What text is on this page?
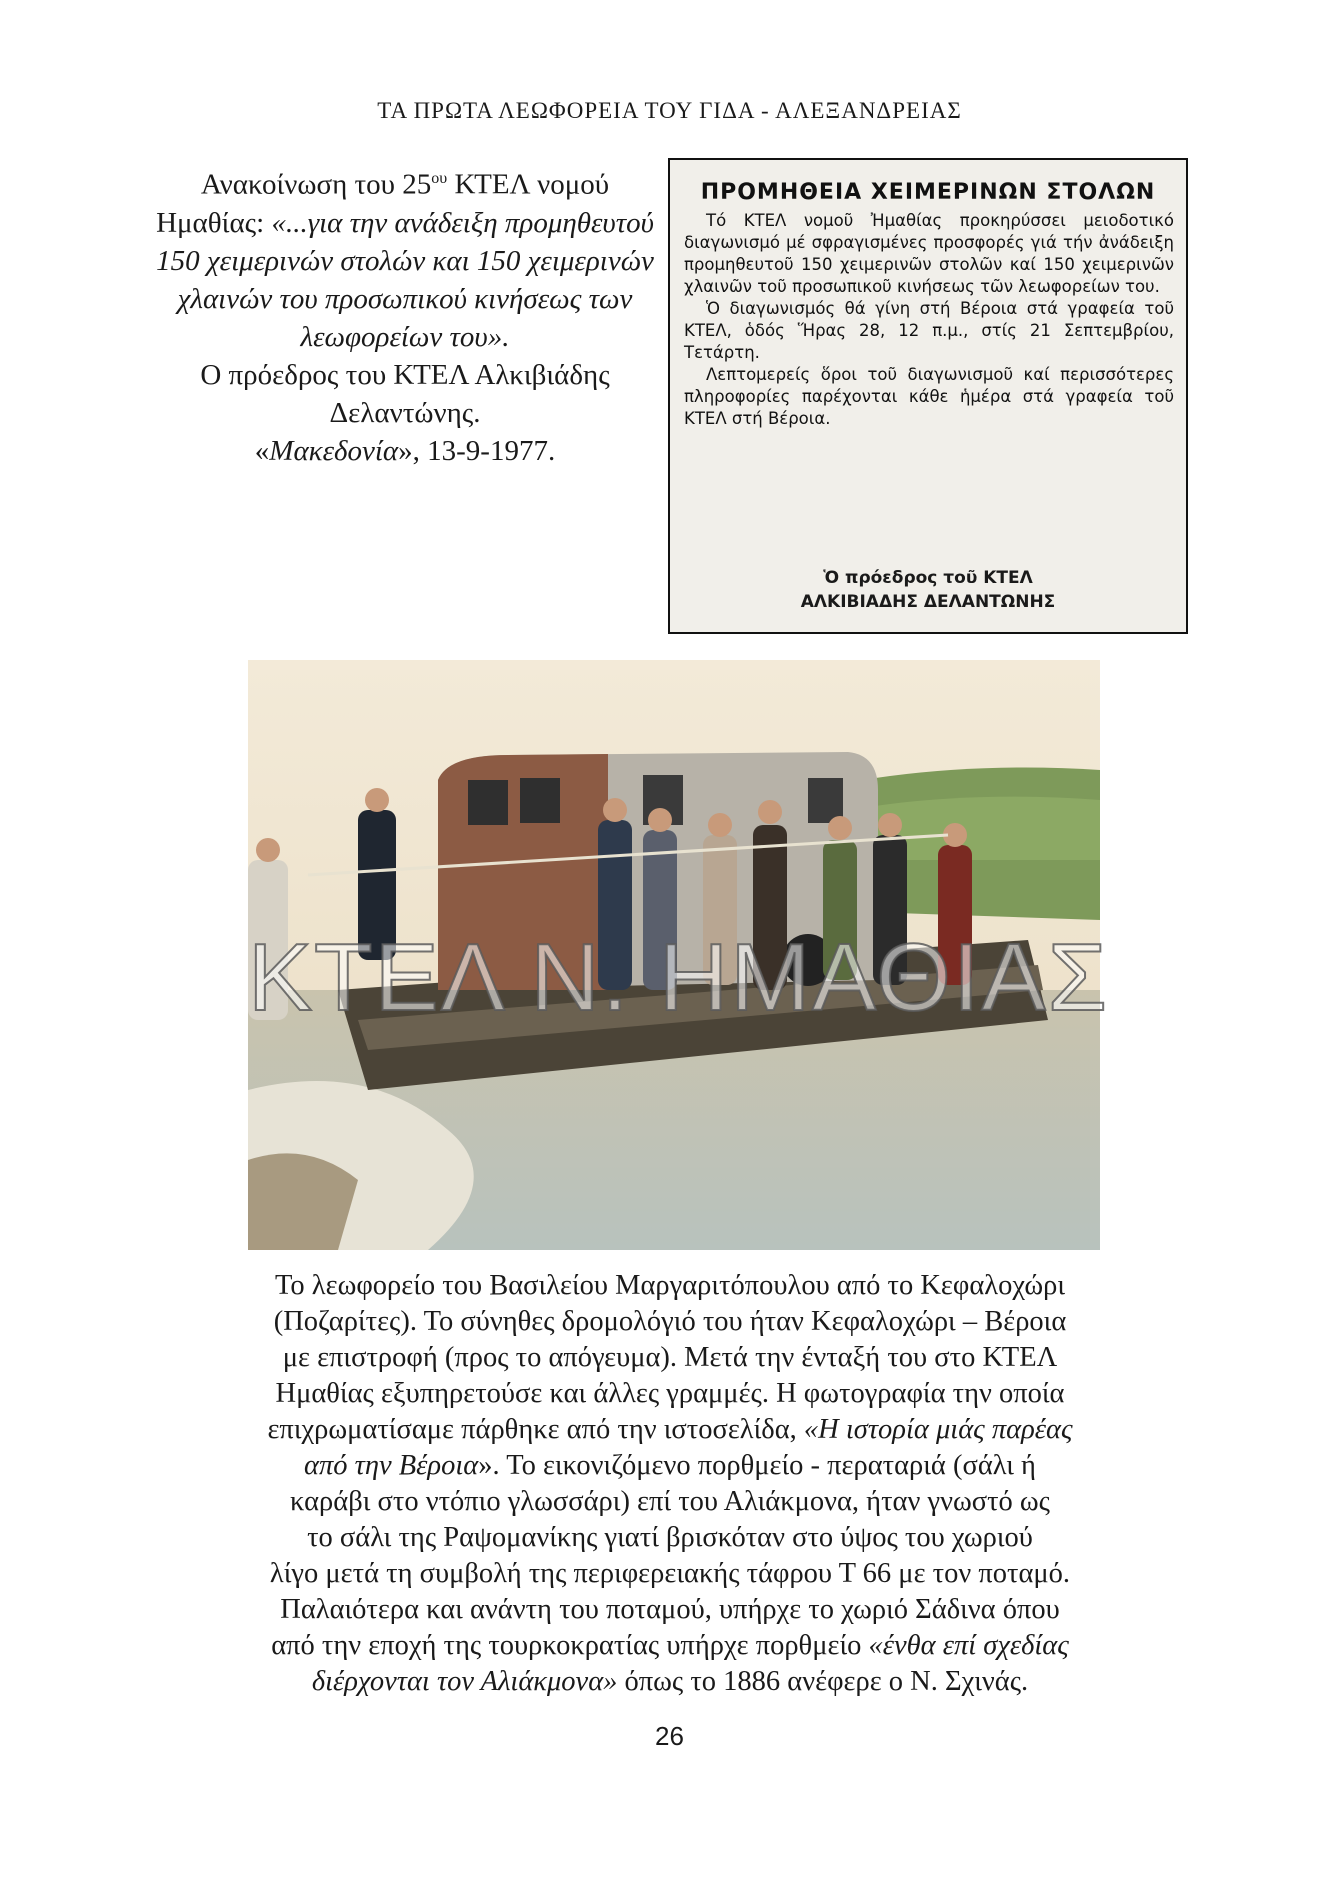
ΤΑ ΠΡΩΤΑ ΛΕΩΦΟΡΕΙΑ ΤΟΥ ΓΙΔΑ - ΑΛΕΞΑΝΔΡΕΙΑΣ

Ανακοίνωση του $25^{o\upsilon}$ ΚΤΕΛ νομού

Ημαθίας: «...για την ανάδειξη προμηθευτού 150 χειμερινών στολών και 150 χειμερινών χλαινών του προσωπικού κινήσεως των λεωφορείων του».

Ο πρόεδρος του ΚΤΕΛ Αλκιβιάδης Δελαντώνης.

«Μακεδονία», 13-9-1977.

ΠΡΟΜΗΘΕΙΑ ΧΕΙΜΕΡΙΝΩΝ ΣΤΟΛΩΝ

Τό ΚΤΕΛ νομοῦ Ἠμαθίας προκηρύσσει μειοδοτικό διαγωνισμό μέ σφραγισμένες προσφορές γιά τήν ἀνάδειξη προμηθευτοῦ 150 χειμερινῶν στολῶν καί 150 χειμερινῶν χλαινῶν τοῦ προσωπικοῦ κινήσεως τῶν λεωφορείων του.

Ὁ διαγωνισμός θά γίνη στή Βέροια στά γραφεία τοῦ ΚΤΕΛ, ὁδός Ἥρας 28, 12 π.μ., στίς 21 Σεπτεμβρίου, Τετάρτη.

Λεπτομερείς ὅροι τοῦ διαγωνισμοῦ καί περισσότερες πληροφορίες παρέχονται κάθε ἡμέρα στά γραφεία τοῦ ΚΤΕΛ στή Βέροια.

Ὁ πρόεδρος τοῦ ΚΤΕΛ
ΑΛΚΙΒΙΑΔΗΣ ΔΕΛΑΝΤΩΝΗΣ
ΚΤΕΛ Ν. ΗΜΑΘΙΑΣ
Το λεωφορείο του Βασιλείου Μαργαριτόπουλου από το Κεφαλοχώρι
(Ποζαρίτες). Το σύνηθες δρομολόγιό του ήταν Κεφαλοχώρι – Βέροια
με επιστροφή (προς το απόγευμα). Μετά την ένταξή του στο ΚΤΕΛ
Ημαθίας εξυπηρετούσε και άλλες γραμμές. Η φωτογραφία την οποία
επιχρωματίσαμε πάρθηκε από την ιστοσελίδα, «Η ιστορία μιάς παρέας
από την Βέροια». Το εικονιζόμενο πορθμείο - περαταριά (σάλι ή
καράβι στο ντόπιο γλωσσάρι) επί του Αλιάκμονα, ήταν γνωστό ως
το σάλι της Ραψομανίκης γιατί βρισκόταν στο ύψος του χωριού
λίγο μετά τη συμβολή της περιφερειακής τάφρου Τ 66 με τον ποταμό.
Παλαιότερα και ανάντη του ποταμού, υπήρχε το χωριό Σάδινα όπου
από την εποχή της τουρκοκρατίας υπήρχε πορθμείο «ένθα επί σχεδίας
διέρχονται τον Αλιάκμονα» όπως το 1886 ανέφερε ο Ν. Σχινάς.
26
